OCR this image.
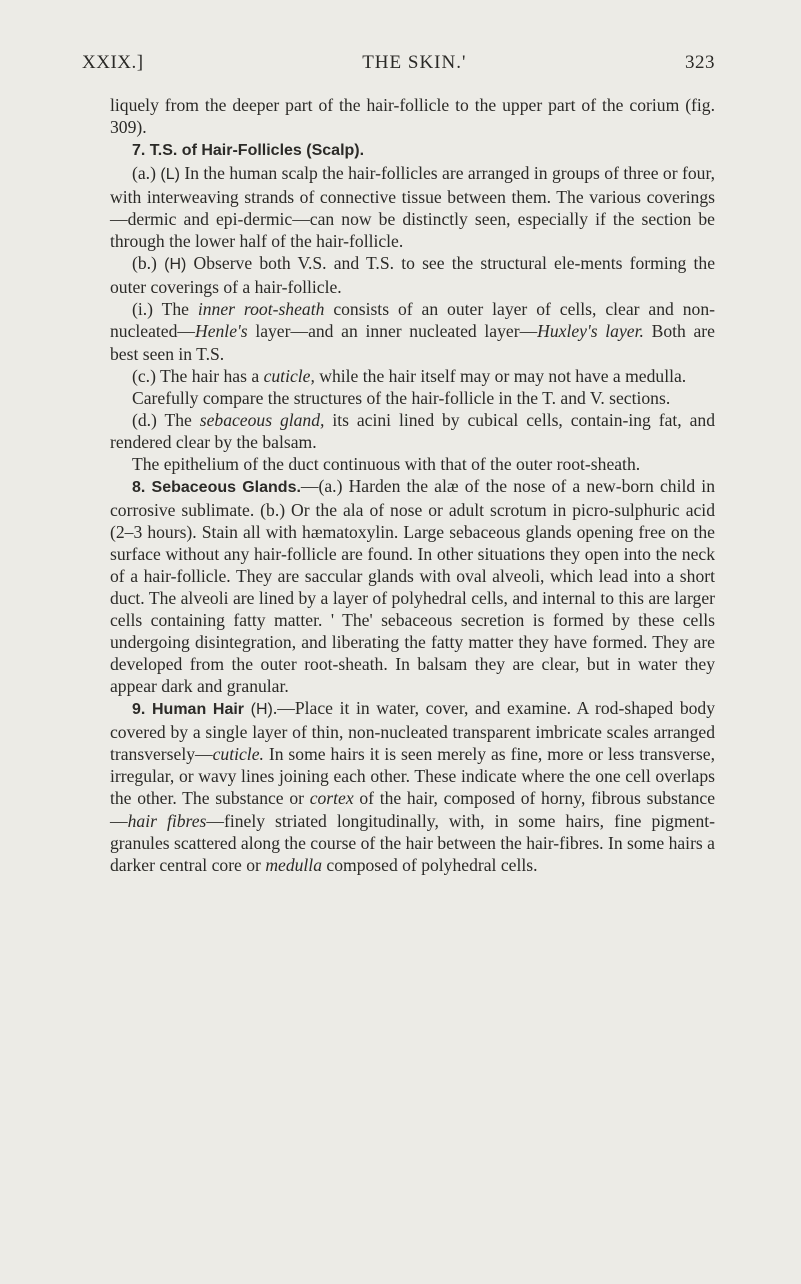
XXIX.]	THE SKIN.'	323

liquely from the deeper part of the hair-follicle to the upper part of the corium (fig. 309).

7. T.S. of Hair-Follicles (Scalp).

(a.) (L) In the human scalp the hair-follicles are arranged in groups of three or four, with interweaving strands of connective tissue between them. The various coverings—dermic and epi-dermic—can now be distinctly seen, especially if the section be through the lower half of the hair-follicle.

(b.) (H) Observe both V.S. and T.S. to see the structural ele-ments forming the outer coverings of a hair-follicle.

(i.) The inner root-sheath consists of an outer layer of cells, clear and non-nucleated—Henle's layer—and an inner nucleated layer—Huxley's layer. Both are best seen in T.S.

(c.) The hair has a cuticle, while the hair itself may or may not have a medulla.

Carefully compare the structures of the hair-follicle in the T. and V. sections.

(d.) The sebaceous gland, its acini lined by cubical cells, contain-ing fat, and rendered clear by the balsam.

The epithelium of the duct continuous with that of the outer root-sheath.

8. Sebaceous Glands.—(a.) Harden the alæ of the nose of a new-born child in corrosive sublimate. (b.) Or the ala of nose or adult scrotum in picro-sulphuric acid (2–3 hours). Stain all with hæmatoxylin. Large sebaceous glands opening free on the surface without any hair-follicle are found. In other situations they open into the neck of a hair-follicle. They are saccular glands with oval alveoli, which lead into a short duct. The alveoli are lined by a layer of polyhedral cells, and internal to this are larger cells containing fatty matter. ' The' sebaceous secretion is formed by these cells undergoing disintegration, and liberating the fatty matter they have formed. They are developed from the outer root-sheath. In balsam they are clear, but in water they appear dark and granular.

9. Human Hair (H).—Place it in water, cover, and examine. A rod-shaped body covered by a single layer of thin, non-nucleated transparent imbricate scales arranged transversely—cuticle. In some hairs it is seen merely as fine, more or less transverse, irregular, or wavy lines joining each other. These indicate where the one cell overlaps the other. The substance or cortex of the hair, composed of horny, fibrous substance—hair fibres—finely striated longitudinally, with, in some hairs, fine pigment-granules scattered along the course of the hair between the hair-fibres. In some hairs a darker central core or medulla composed of polyhedral cells.
